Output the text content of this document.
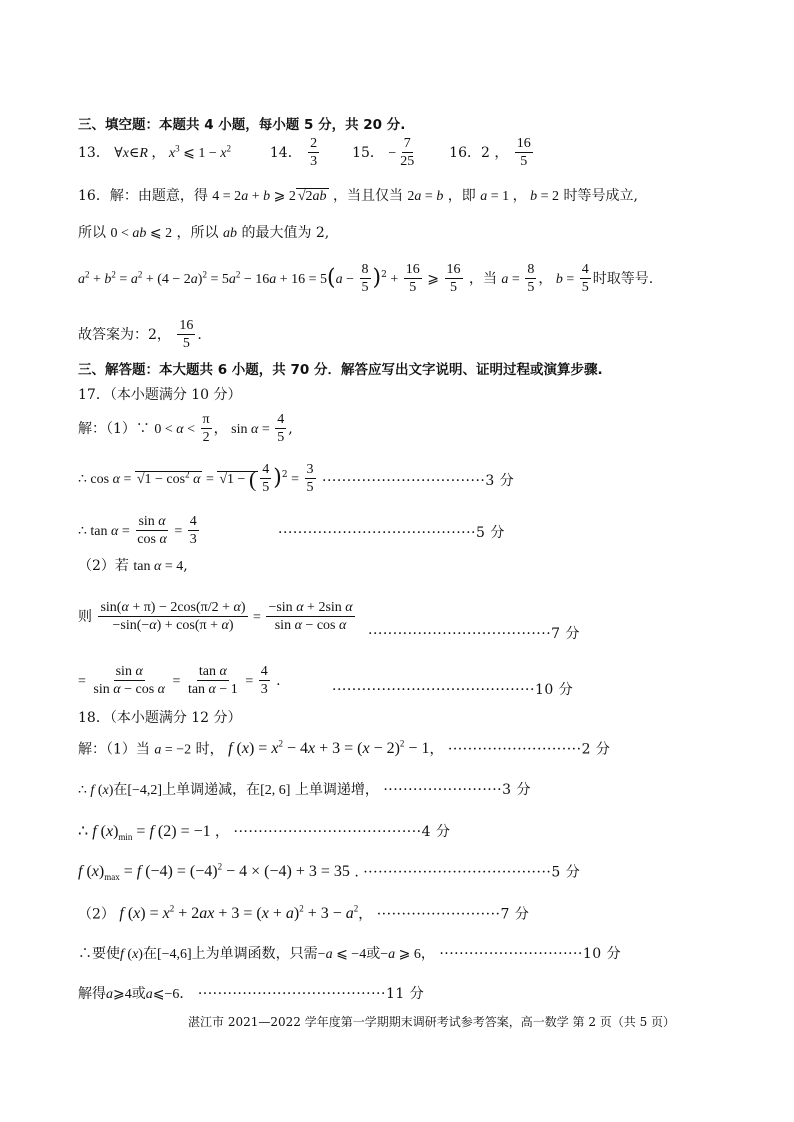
三、填空题：本题共 4 小题，每小题 5 分，共 20 分.
13． ∀x∈R ， $x^3$ ⩽ $1 - x^2$	14． $\frac{2}{3} 15$． − $\frac{7}{25} 16$．2 ， $\frac{16}{5}$
16．解：由题意，得 4 = 2a + b ⩾ 2 √2ab ，当且仅当 2a = b ，即 a = 1 ， b = 2 时等号成立,
所以 0 < ab ⩽ 2 ，所以 ab 的最大值为 2,
$a^2 + b^2 = a^2 + (4 - 2a)^2 = 5a^2 - 16a + 16 = 5(a - \frac{8}{5} )^2 + \frac{16}{5}$ ⩾ $\frac{16}{5}$ ，当 $a = \frac{8}{5}$ ， $b = \frac{4}{5}$ 时取等号.
故答案为：2， $\frac{16}{5}$ .
三、解答题：本大题共 6 小题，共 70 分．解答应写出文字说明、证明过程或演算步骤.
17．（本小题满分 10 分）
解：（1）∵ $0 < \alpha < \frac{\pi}{2}$ ， $\sin \alpha = \frac{4}{5}$ ,
∴ $\cos \alpha = √1 - \cos^2 \alpha = √1$ − ( $\frac{4}{5} )^2 = \frac{3}{5} \cdot\cdot\cdot\cdot\cdot\cdot\cdot\cdot\cdot\cdot\cdot\cdot\cdot\cdot\cdot\cdot\cdot\cdot\cdot\cdot\cdot\cdot\cdot\cdot\cdot\cdot\cdot\cdot\cdot\cdot\cdot\cdot\cdot 3$ 分
∴ $\tan \alpha = \frac{\text{sin α}}{\text{cos α}} = \frac{4}{3}$	········································5 分
（2）若 tan α = 4,
则 $\frac{\sin(\alpha + \pi) - 2\cos(\pi/2 + \alpha)}{-\sin(-\alpha) + \cos(\pi + \alpha)} = \frac{\text{−sin α + 2sin α}}{\text{sin α − cos α}}$
·····································7 分
= $\frac{\text{sin α}}{\text{sin α − cos α}} = \frac{\text{tan α}}{\text{tan α − 1}} = \frac{4}{3}$ .
·········································10 分
18．（本小题满分 12 分）
解：（1）当 a = −2 时， f $(x) = x^2 - 4x + 3 = (x - 2)^2 - 1$， ···························2 分
∴ f (x)在[−4,2]上单调递减，在[2, 6] 上单调递增， ························3 分
∴ f $(x)_{min} = f$ (2) = −1 ， ······································4 分
f $(x)_{max} = f$ $(-4) = (-4)^2 - 4 \times (-4) + 3 = 35$ . ······································5 分
（2） f $(x) = x^2 + 2ax + 3 = (x + a)^2 + 3 - a^2$， ·························7 分
∴要使f (x)在[−4,6]上为单调函数，只需−a ⩽ −4或−a ⩾ 6， ·····························10 分
解得a⩾4或a⩽−6． ······································11 分
湛江市 2021—2022 学年度第一学期期末调研考试参考答案，高一数学 第 2 页（共 5 页）
